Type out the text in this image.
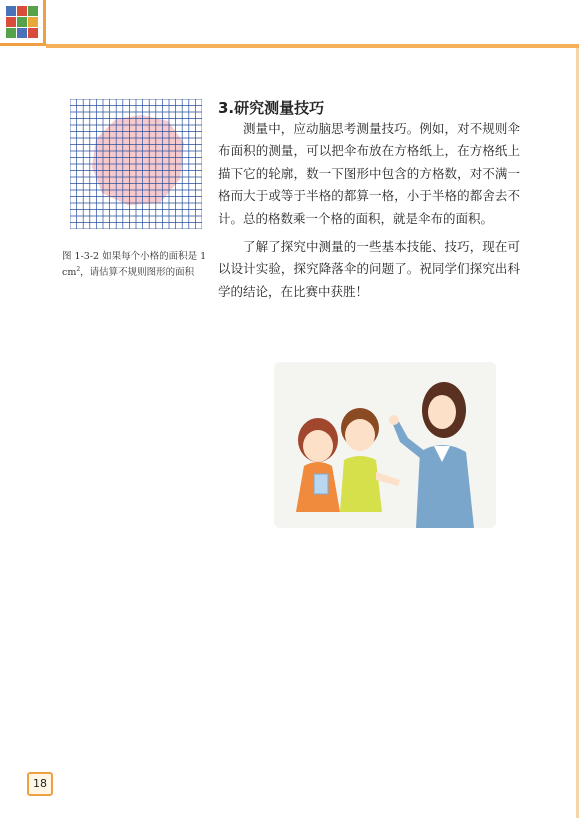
图 1-3-2 如果每个小格的面积是 1 $cm^2$，请估算不规则图形的面积
3.研究测量技巧

测量中，应动脑思考测量技巧。例如，对不规则伞布面积的测量，可以把伞布放在方格纸上，在方格纸上描下它的轮廓，数一下图形中包含的方格数，对不满一格而大于或等于半格的都算一格，小于半格的都舍去不计。总的格数乘一个格的面积，就是伞布的面积。

了解了探究中测量的一些基本技能、技巧，现在可以设计实验，探究降落伞的问题了。祝同学们探究出科学的结论，在比赛中获胜！

18
